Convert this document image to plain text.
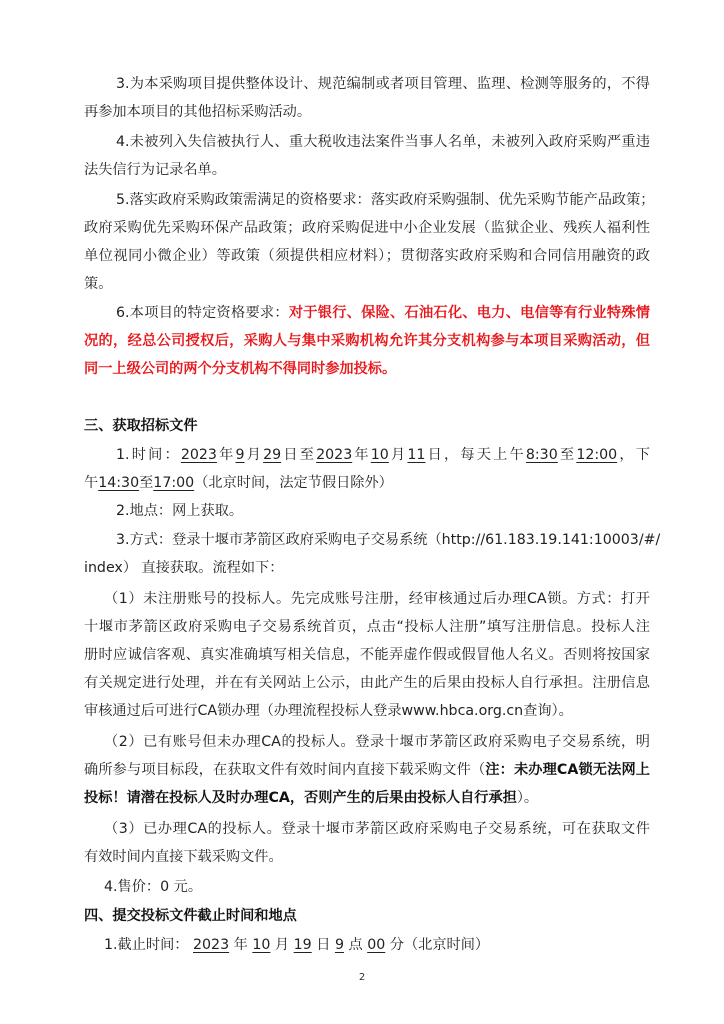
3.为本采购项目提供整体设计、规范编制或者项目管理、监理、检测等服务的，不得
再参加本项目的其他招标采购活动。
4.未被列入失信被执行人、重大税收违法案件当事人名单，未被列入政府采购严重违
法失信行为记录名单。
5.落实政府采购政策需满足的资格要求：落实政府采购强制、优先采购节能产品政策；
政府采购优先采购环保产品政策；政府采购促进中小企业发展（监狱企业、残疾人福利性
单位视同小微企业）等政策（须提供相应材料）；贯彻落实政府采购和合同信用融资的政
策。
6.本项目的特定资格要求：对于银行、保险、石油石化、电力、电信等有行业特殊情
况的，经总公司授权后，采购人与集中采购机构允许其分支机构参与本项目采购活动，但
同一上级公司的两个分支机构不得同时参加投标。
三、获取招标文件
1.时间：2023年9月29日至2023年10月11日，每天上午8:30至12:00，下
午14:30至17:00（北京时间，法定节假日除外）
2.地点：网上获取。
3.方式：登录十堰市茅箭区政府采购电子交易系统（http://61.183.19.141:10003/#/
index） 直接获取。流程如下：
（1）未注册账号的投标人。先完成账号注册，经审核通过后办理CA锁。方式：打开
十堰市茅箭区政府采购电子交易系统首页，点击“投标人注册”填写注册信息。投标人注
册时应诚信客观、真实准确填写相关信息，不能弄虚作假或假冒他人名义。否则将按国家
有关规定进行处理，并在有关网站上公示，由此产生的后果由投标人自行承担。注册信息
审核通过后可进行CA锁办理（办理流程投标人登录www.hbca.org.cn查询）。
（2）已有账号但未办理CA的投标人。登录十堰市茅箭区政府采购电子交易系统，明
确所参与项目标段，在获取文件有效时间内直接下载采购文件（注：未办理CA锁无法网上
投标！请潜在投标人及时办理CA，否则产生的后果由投标人自行承担）。
（3）已办理CA的投标人。登录十堰市茅箭区政府采购电子交易系统，可在获取文件
有效时间内直接下载采购文件。
4.售价：0 元。
四、提交投标文件截止时间和地点
1.截止时间： 2023 年 10 月 19 日 9 点 00 分（北京时间）
2
